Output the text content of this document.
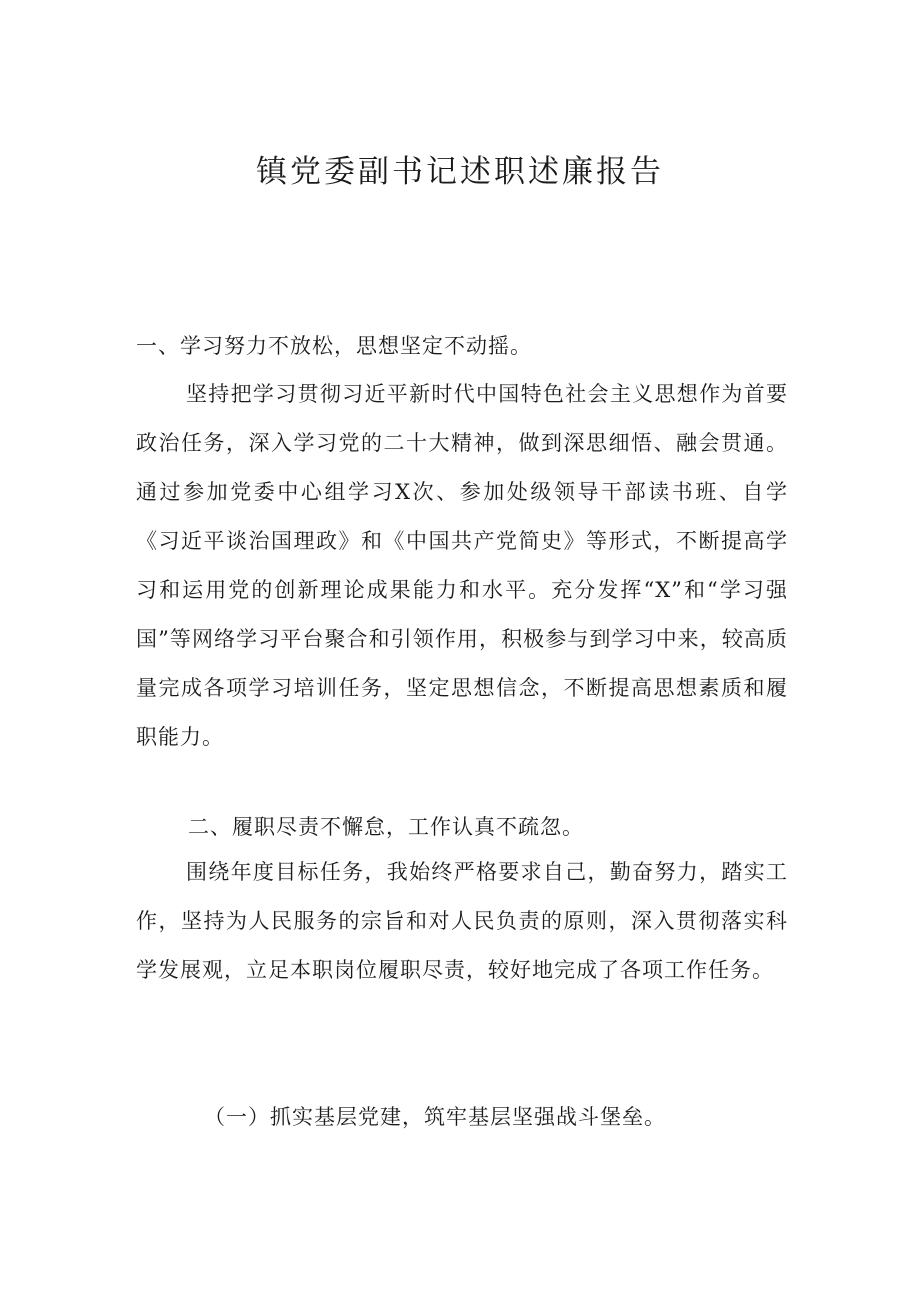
镇党委副书记述职述廉报告
一、学习努力不放松，思想坚定不动摇。

坚持把学习贯彻习近平新时代中国特色社会主义思想作为首要政治任务，深入学习党的二十大精神，做到深思细悟、融会贯通。通过参加党委中心组学习X次、参加处级领导干部读书班、自学《习近平谈治国理政》和《中国共产党简史》等形式，不断提高学习和运用党的创新理论成果能力和水平。充分发挥“X”和“学习强国”等网络学习平台聚合和引领作用，积极参与到学习中来，较高质量完成各项学习培训任务，坚定思想信念，不断提高思想素质和履职能力。

二、履职尽责不懈怠，工作认真不疏忽。

围绕年度目标任务，我始终严格要求自己，勤奋努力，踏实工作，坚持为人民服务的宗旨和对人民负责的原则，深入贯彻落实科学发展观，立足本职岗位履职尽责，较好地完成了各项工作任务。

（一）抓实基层党建，筑牢基层坚强战斗堡垒。
